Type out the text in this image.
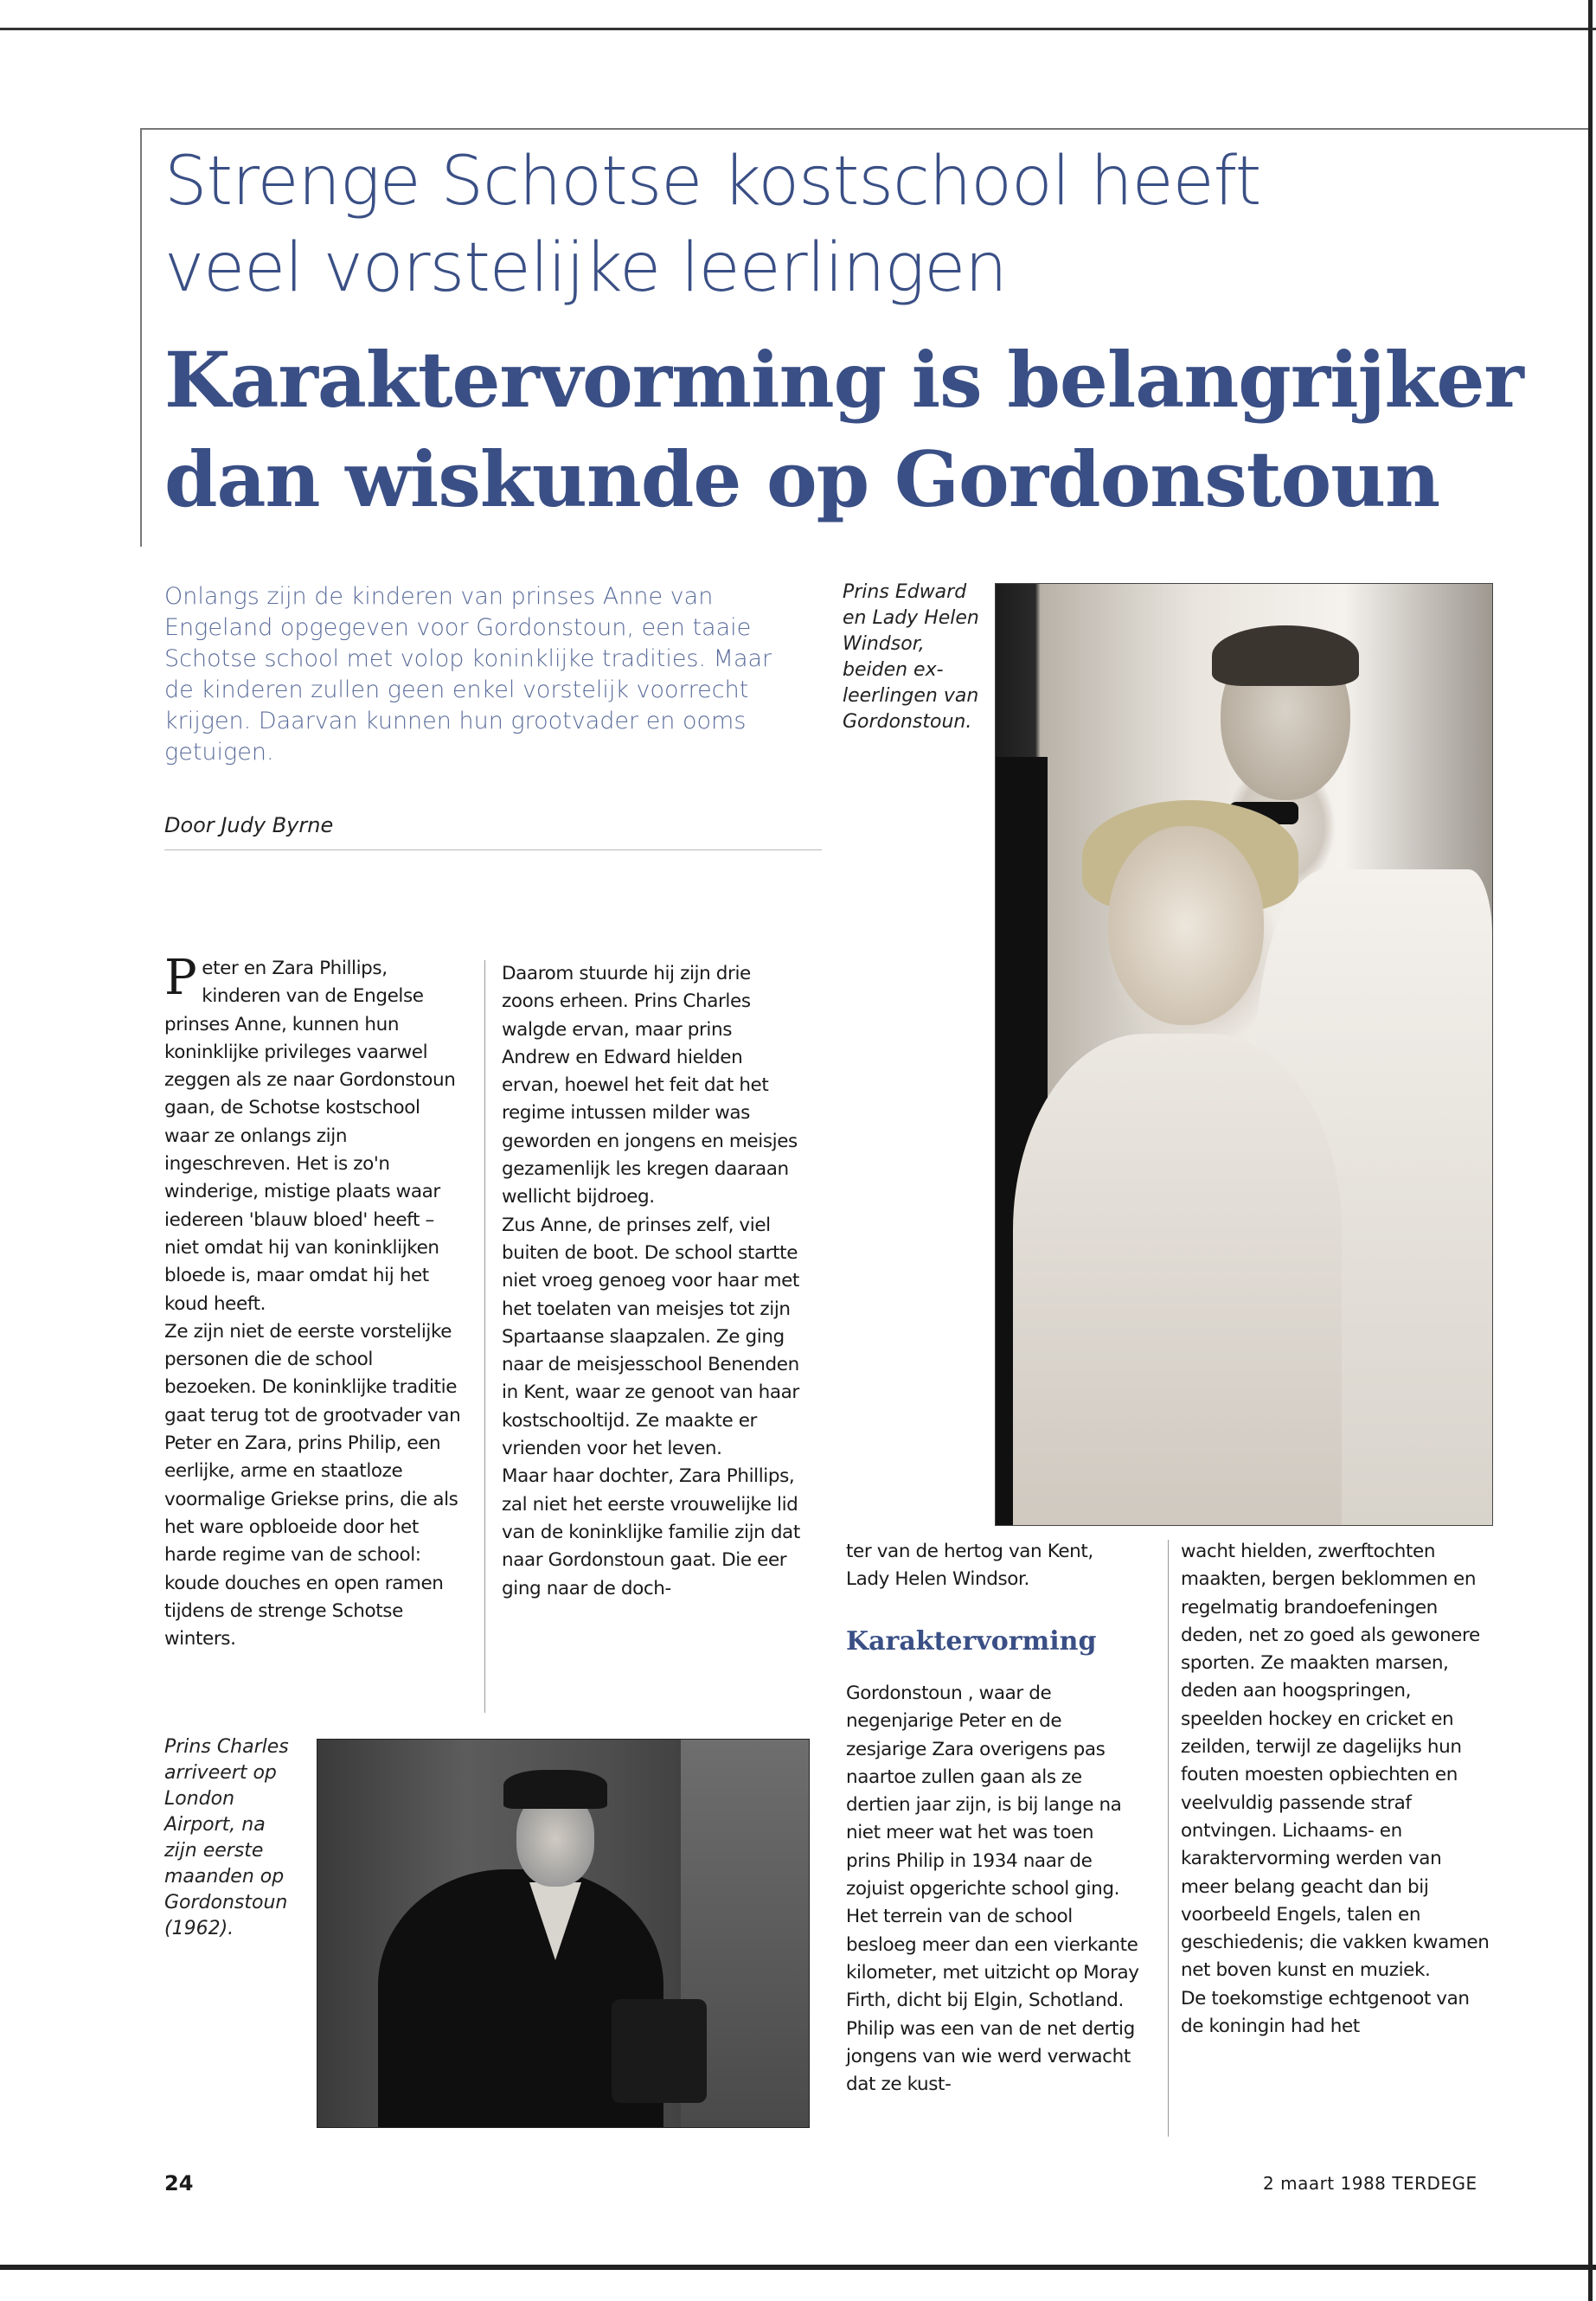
Strenge Schotse kostschool heeft
veel vorstelijke leerlingen
Karaktervorming is belangrijker
dan wiskunde op Gordonstoun
Onlangs zijn de kinderen van prinses Anne van Engeland opgegeven voor Gordonstoun, een taaie Schotse school met volop koninklijke tradities. Maar de kinderen zullen geen enkel vorstelijk voorrecht krijgen. Daarvan kunnen hun grootvader en ooms getuigen.
Door Judy Byrne
Prins Edward en Lady Helen Windsor, beiden ex-leerlingen van Gordonstoun.

Peter en Zara Phillips, kinderen van de Engelse prinses Anne, kunnen hun koninklijke privileges vaarwel zeggen als ze naar Gordonstoun gaan, de Schotse kostschool waar ze onlangs zijn ingeschreven. Het is zo'n winderige, mistige plaats waar iedereen 'blauw bloed' heeft – niet omdat hij van koninklijken bloede is, maar omdat hij het koud heeft.

Ze zijn niet de eerste vorstelijke personen die de school bezoeken. De koninklijke traditie gaat terug tot de grootvader van Peter en Zara, prins Philip, een eerlijke, arme en staatloze voormalige Griekse prins, die als het ware opbloeide door het harde regime van de school: koude douches en open ramen tijdens de strenge Schotse winters.

Daarom stuurde hij zijn drie zoons erheen. Prins Charles walgde ervan, maar prins Andrew en Edward hielden ervan, hoewel het feit dat het regime intussen milder was geworden en jongens en meisjes gezamenlijk les kregen daaraan wellicht bijdroeg.

Zus Anne, de prinses zelf, viel buiten de boot. De school startte niet vroeg genoeg voor haar met het toelaten van meisjes tot zijn Spartaanse slaapzalen. Ze ging naar de meisjesschool Benenden in Kent, waar ze genoot van haar kostschooltijd. Ze maakte er vrienden voor het leven.

Maar haar dochter, Zara Phillips, zal niet het eerste vrouwelijke lid van de koninklijke familie zijn dat naar Gordonstoun gaat. Die eer ging naar de doch-

Prins Charles arriveert op London Airport, na zijn eerste maanden op Gordonstoun (1962).

ter van de hertog van Kent, Lady Helen Windsor.

Karaktervorming

Gordonstoun , waar de negenjarige Peter en de zesjarige Zara overigens pas naartoe zullen gaan als ze dertien jaar zijn, is bij lange na niet meer wat het was toen prins Philip in 1934 naar de zojuist opgerichte school ging. Het terrein van de school besloeg meer dan een vierkante kilometer, met uitzicht op Moray Firth, dicht bij Elgin, Schotland. Philip was een van de net dertig jongens van wie werd verwacht dat ze kust-

wacht hielden, zwerftochten maakten, bergen beklommen en regelmatig brandoefeningen deden, net zo goed als gewonere sporten. Ze maakten marsen, deden aan hoogspringen, speelden hockey en cricket en zeilden, terwijl ze dagelijks hun fouten moesten opbiechten en veelvuldig passende straf ontvingen. Lichaams- en karaktervorming werden van meer belang geacht dan bij voorbeeld Engels, talen en geschiedenis; die vakken kwamen net boven kunst en muziek.

De toekomstige echtgenoot van de koningin had het

24	2 maart 1988 TERDEGE
